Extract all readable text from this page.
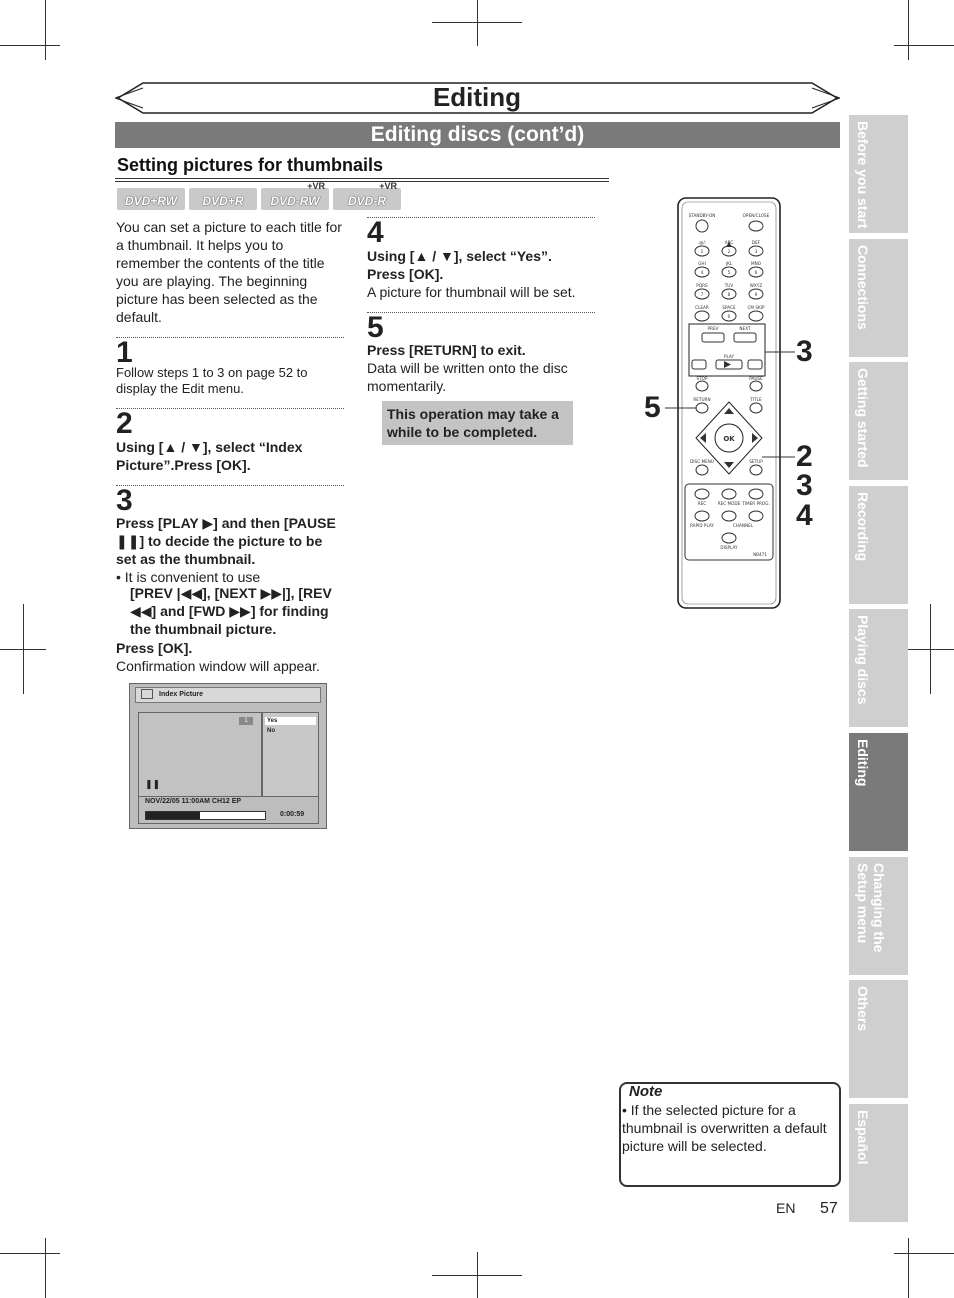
Editing
Editing discs (cont’d)
Setting pictures for thumbnails
DVD+RW	DVD+R
+VR
DVD-RW
+VR
DVD-R
You can set a picture to each title for a thumbnail. It helps you to remember the contents of the title you are playing. The beginning picture has been selected as the default.
1
Follow steps 1 to 3 on page 52 to display the Edit menu.
2
Using [▲ / ▼], select “Index Picture”.Press [OK].
3
Press [PLAY ▶] and then [PAUSE ❚❚] to decide the picture to be set as the thumbnail.
• It is convenient to use
[PREV |◀◀], [NEXT ▶▶|], [REV ◀◀] and [FWD ▶▶] for finding the thumbnail picture.
Press [OK].
Confirmation window will appear.
Index Picture
1
❚❚
Yes
No
NOV/22/05 11:00AM CH12 EP
0:00:59
4
Using [▲ / ▼], select “Yes”. Press [OK].
A picture for thumbnail will be set.
5
Press [RETURN] to exit.
Data will be written onto the disc momentarily.
This operation may take a while to be completed.
STANDBY-ON	OPEN/CLOSE
.@/:	ABC	DEF
1	2	3
GHI	JKL	MNO
4	5	6
PQRS	TUV	WXYZ
7	8	9
CLEAR	SPACE	CM SKIP
0
PREV	NEXT
PLAY
STOP	PAUSE
RETURN	TITLE
OK
DISC MENU	SETUP
REC	REC MODE TIMER PROG.
RAPID PLAY	CHANNEL
DISPLAY
NB471
3
5
2
3
4
Before you start
Connections
Getting started
Recording
Playing discs
Editing
Changing the
Setup menu
Others
Español
Note
• If the selected picture for a thumbnail is overwritten a default picture will be selected.
EN 57
